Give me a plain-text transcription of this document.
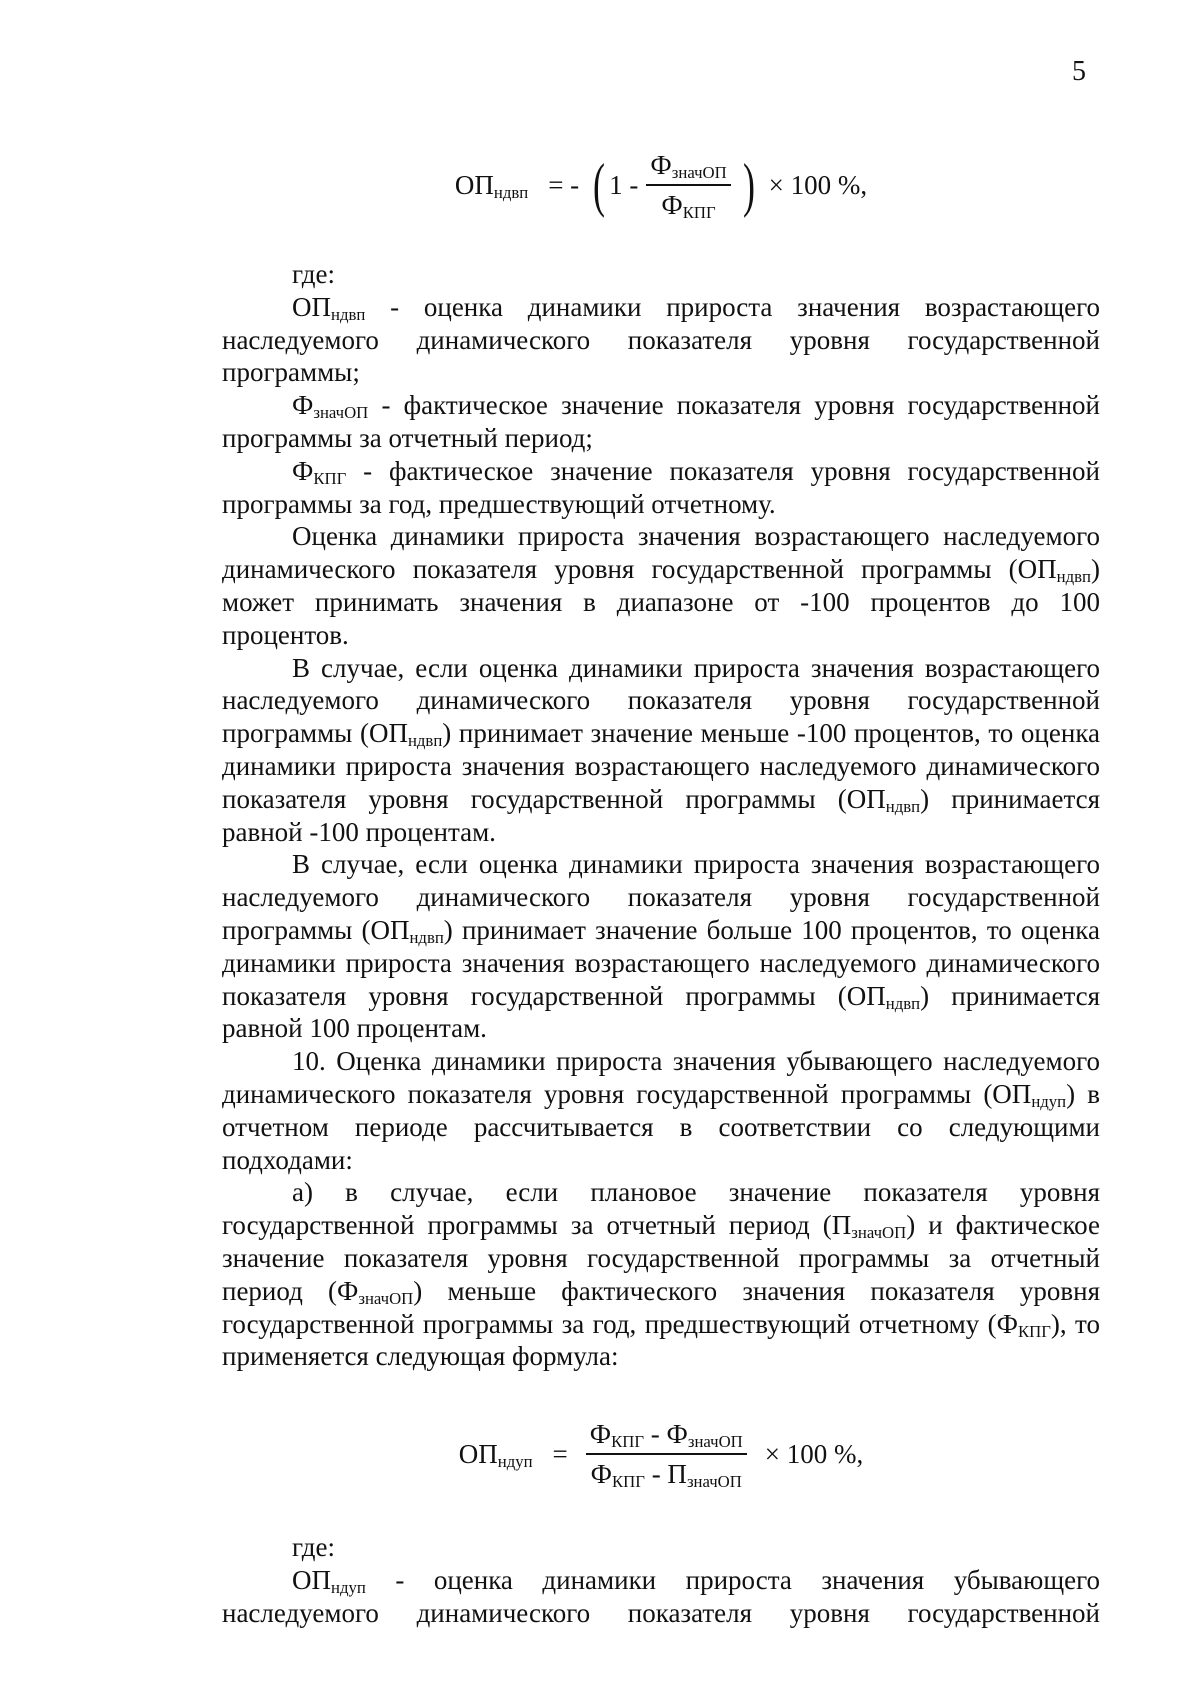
5
$ОП_{ндвп}$ = - ( $1 - \frac{Ф_{значОП}}{Ф_{КПГ}}$ ) × 100 %,

где:

$ОП_{ндвп}$ - оценка динамики прироста значения возрастающего наследуемого динамического показателя уровня государственной программы;

$Ф_{значОП}$ - фактическое значение показателя уровня государственной программы за отчетный период;

$Ф_{КПГ}$ - фактическое значение показателя уровня государственной программы за год, предшествующий отчетному.

Оценка динамики прироста значения возрастающего наследуемого динамического показателя уровня государственной программы $(ОП_{ндвп})$ может принимать значения в диапазоне от -100 процентов до 100 процентов.

В случае, если оценка динамики прироста значения возрастающего наследуемого динамического показателя уровня государственной программы $(ОП_{ндвп})$ принимает значение меньше -100 процентов, то оценка динамики прироста значения возрастающего наследуемого динамического показателя уровня государственной программы $(ОП_{ндвп})$ принимается равной -100 процентам.

В случае, если оценка динамики прироста значения возрастающего наследуемого динамического показателя уровня государственной программы $(ОП_{ндвп})$ принимает значение больше 100 процентов, то оценка динамики прироста значения возрастающего наследуемого динамического показателя уровня государственной программы $(ОП_{ндвп})$ принимается равной 100 процентам.

10. Оценка динамики прироста значения убывающего наследуемого динамического показателя уровня государственной программы $(ОП_{ндуп})$ в отчетном периоде рассчитывается в соответствии со следующими подходами:

а) в случае, если плановое значение показателя уровня государственной программы за отчетный период $(П_{значОП})$ и фактическое значение показателя уровня государственной программы за отчетный период $(Ф_{значОП})$ меньше фактического значения показателя уровня государственной программы за год, предшествующий отчетному $(Ф_{КПГ})$, то применяется следующая формула:

$ОП_{ндуп} = \frac{Ф_{КПГ} - Ф_{значОП}}{Ф_{КПГ} - П_{значОП}} \times 100$ %,

где:

$ОП_{ндуп}$ - оценка динамики прироста значения убывающего наследуемого динамического показателя уровня государственной
